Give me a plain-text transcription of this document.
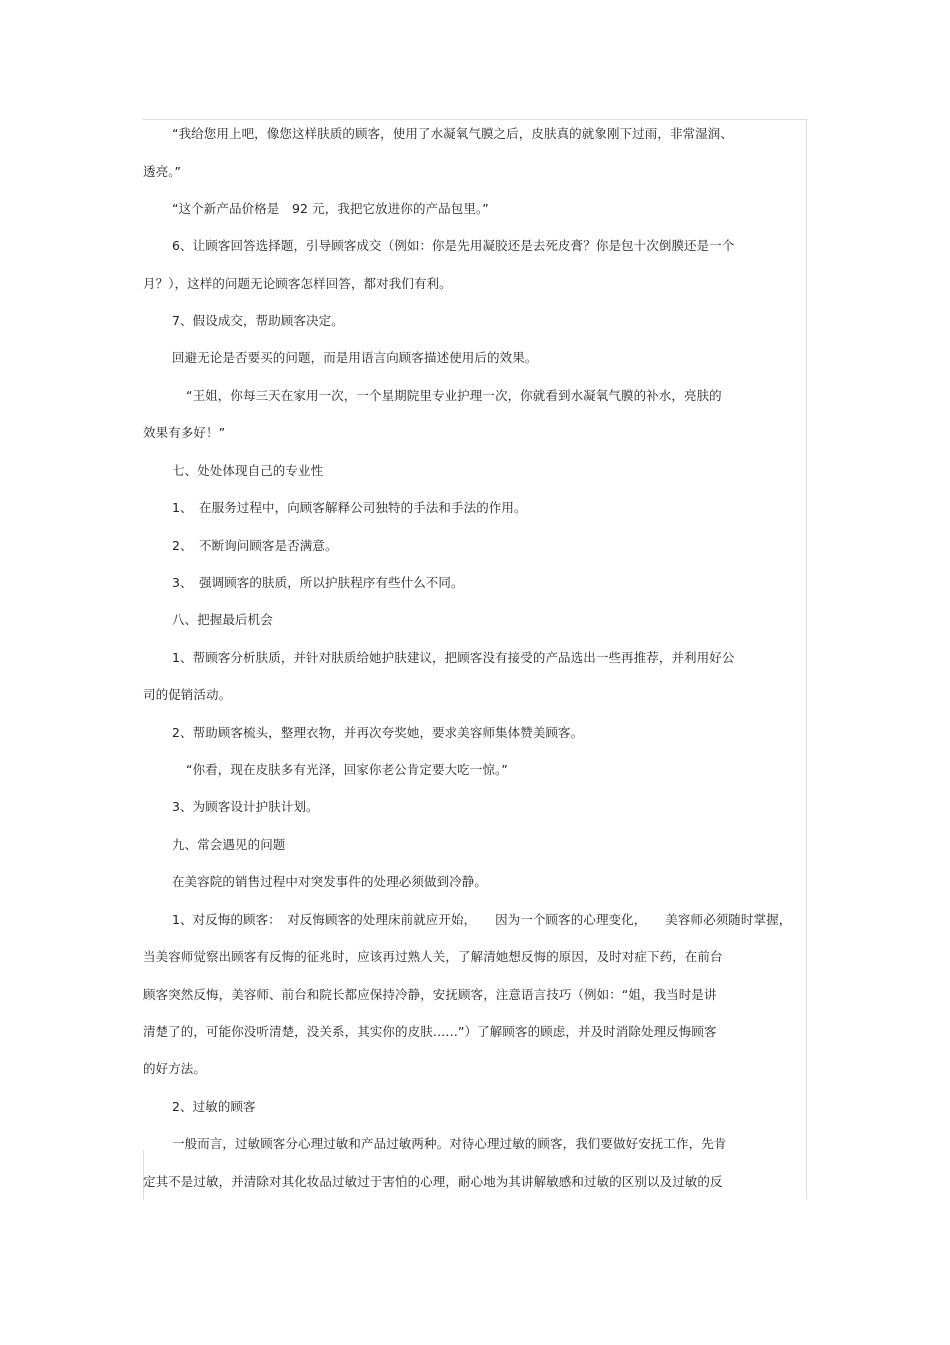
“我给您用上吧，像您这样肤质的顾客，使用了水凝氧气膜之后，皮肤真的就象刚下过雨，非常湿润、
透亮。”
“这个新产品价格是　92 元，我把它放进你的产品包里。”
6、让顾客回答选择题，引导顾客成交（例如：你是先用凝胶还是去死皮膏？你是包十次倒膜还是一个
月？），这样的问题无论顾客怎样回答，都对我们有利。
7、假设成交，帮助顾客决定。
回避无论是否要买的问题，而是用语言向顾客描述使用后的效果。
“王姐，你每三天在家用一次，一个星期院里专业护理一次，你就看到水凝氧气膜的补水，亮肤的
效果有多好！”
七、处处体现自己的专业性
1、　在服务过程中，向顾客解释公司独特的手法和手法的作用。
2、　不断询问顾客是否满意。
3、　强调顾客的肤质，所以护肤程序有些什么不同。
八、把握最后机会
1、帮顾客分析肤质，并针对肤质给她护肤建议，把顾客没有接受的产品选出一些再推荐，并利用好公
司的促销活动。
2、帮助顾客梳头，整理衣物，并再次夸奖她，要求美容师集体赞美顾客。
“你看，现在皮肤多有光泽，回家你老公肯定要大吃一惊。”
3、为顾客设计护肤计划。
九、常会遇见的问题
在美容院的销售过程中对突发事件的处理必须做到冷静。
1、对反悔的顾客：　对反悔顾客的处理床前就应开始，　　因为一个顾客的心理变化，　　美容师必须随时掌握，
当美容师觉察出顾客有反悔的征兆时，应该再过熟人关，了解清她想反悔的原因，及时对症下药，在前台
顾客突然反悔，美容师、前台和院长都应保持冷静，安抚顾客，注意语言技巧（例如：“姐，我当时是讲
清楚了的，可能你没听清楚，没关系，其实你的皮肤……”）了解顾客的顾虑，并及时消除处理反悔顾客
的好方法。
2、过敏的顾客
一般而言，过敏顾客分心理过敏和产品过敏两种。对待心理过敏的顾客，我们要做好安抚工作，先肯
定其不是过敏，并清除对其化妆品过敏过于害怕的心理，耐心地为其讲解敏感和过敏的区别以及过敏的反
